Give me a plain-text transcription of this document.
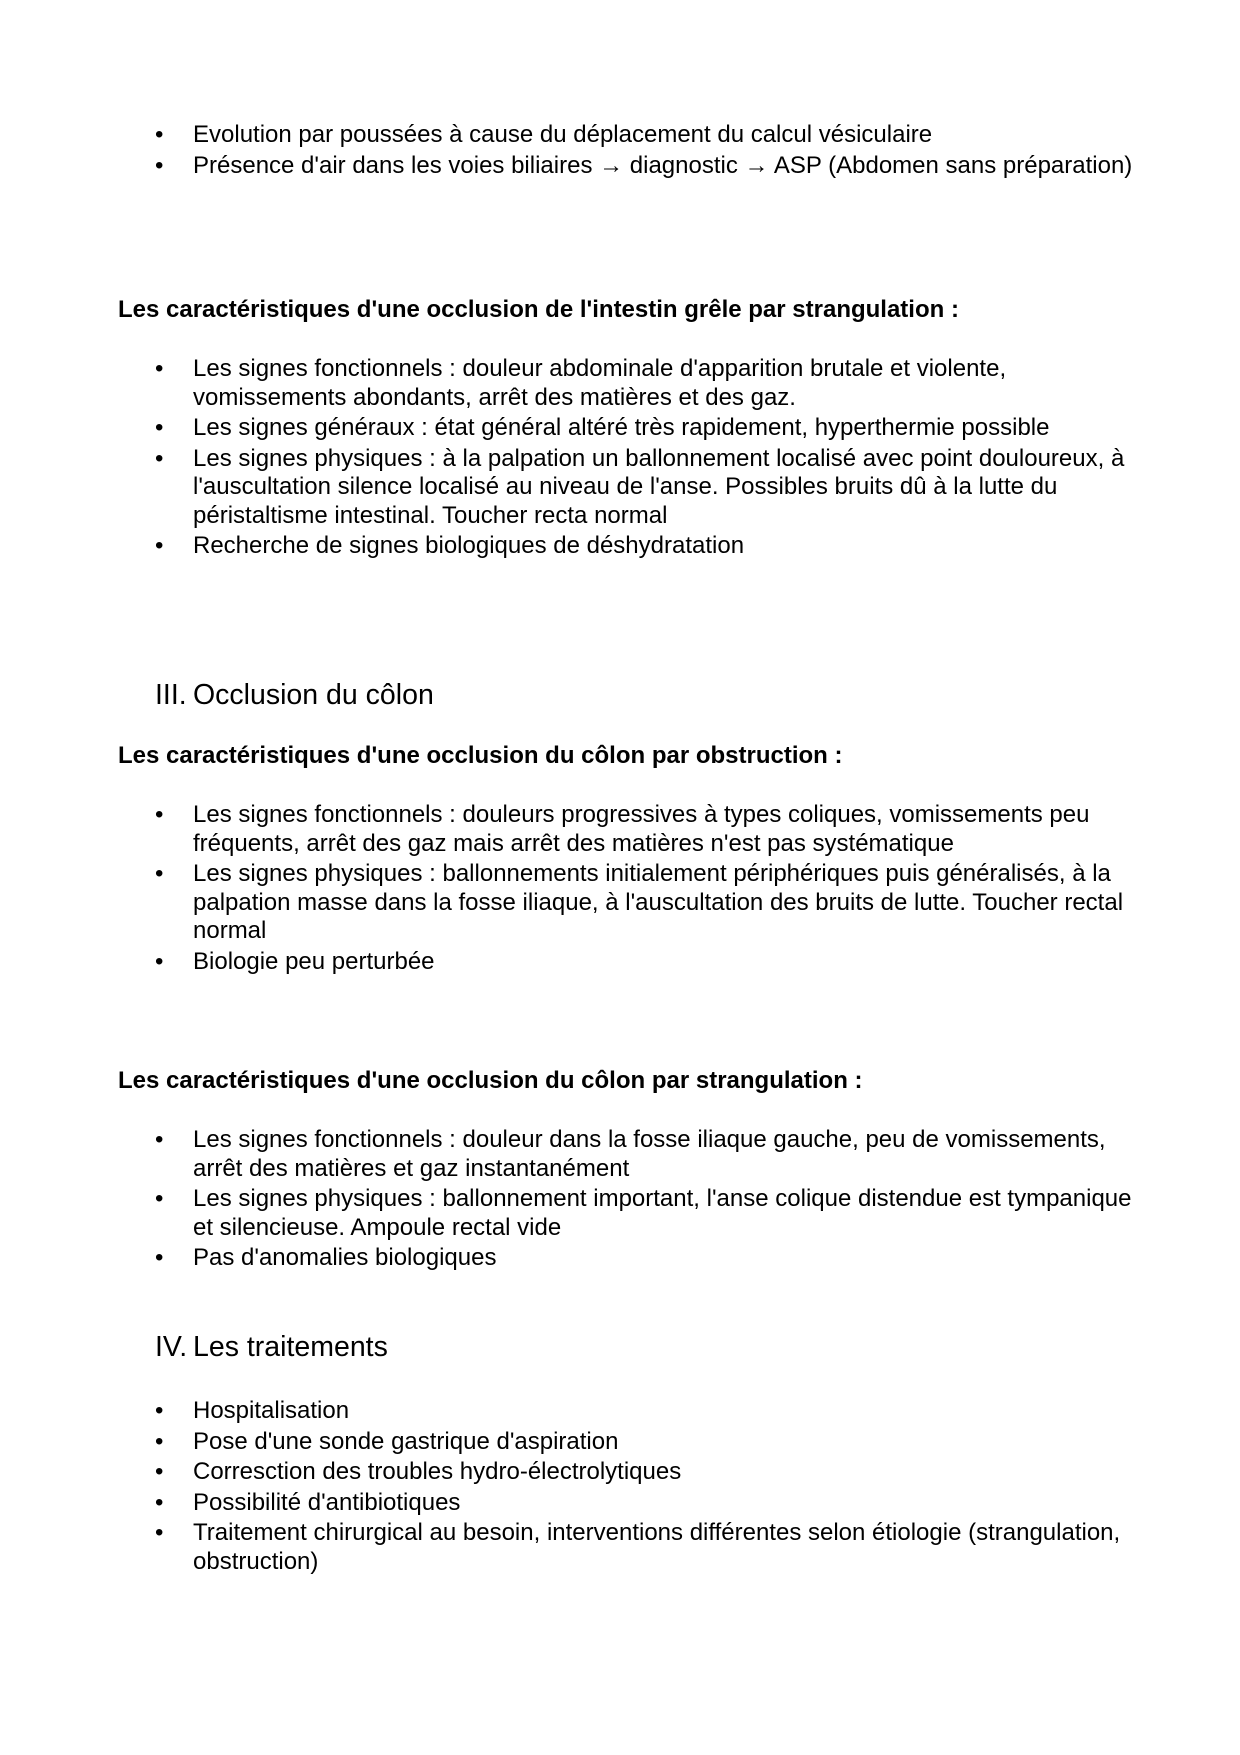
• Evolution par poussées à cause du déplacement du calcul vésiculaire
• Présence d'air dans les voies biliaires → diagnostic → ASP (Abdomen sans préparation)
Les caractéristiques d'une occlusion de l'intestin grêle par strangulation :
• Les signes fonctionnels : douleur abdominale d'apparition brutale et violente, vomissements abondants, arrêt des matières et des gaz.
• Les signes généraux : état général altéré très rapidement, hyperthermie possible
• Les signes physiques : à la palpation un ballonnement localisé avec point douloureux, à l'auscultation silence localisé au niveau de l'anse. Possibles bruits dû à la lutte du péristaltisme intestinal. Toucher recta normal
• Recherche de signes biologiques de déshydratation
III. Occlusion du côlon
Les caractéristiques d'une occlusion du côlon par obstruction :
• Les signes fonctionnels : douleurs progressives à types coliques, vomissements peu fréquents, arrêt des gaz mais arrêt des matières n'est pas systématique
• Les signes physiques : ballonnements initialement périphériques puis généralisés, à la palpation masse dans la fosse iliaque, à l'auscultation des bruits de lutte. Toucher rectal normal
• Biologie peu perturbée
Les caractéristiques d'une occlusion du côlon par strangulation :
• Les signes fonctionnels : douleur dans la fosse iliaque gauche, peu de vomissements, arrêt des matières et gaz instantanément
• Les signes physiques : ballonnement important, l'anse colique distendue est tympanique et silencieuse. Ampoule rectal vide
• Pas d'anomalies biologiques
IV. Les traitements
• Hospitalisation
• Pose d'une sonde gastrique d'aspiration
• Corresction des troubles hydro-électrolytiques
• Possibilité d'antibiotiques
• Traitement chirurgical au besoin, interventions différentes selon étiologie (strangulation, obstruction)
